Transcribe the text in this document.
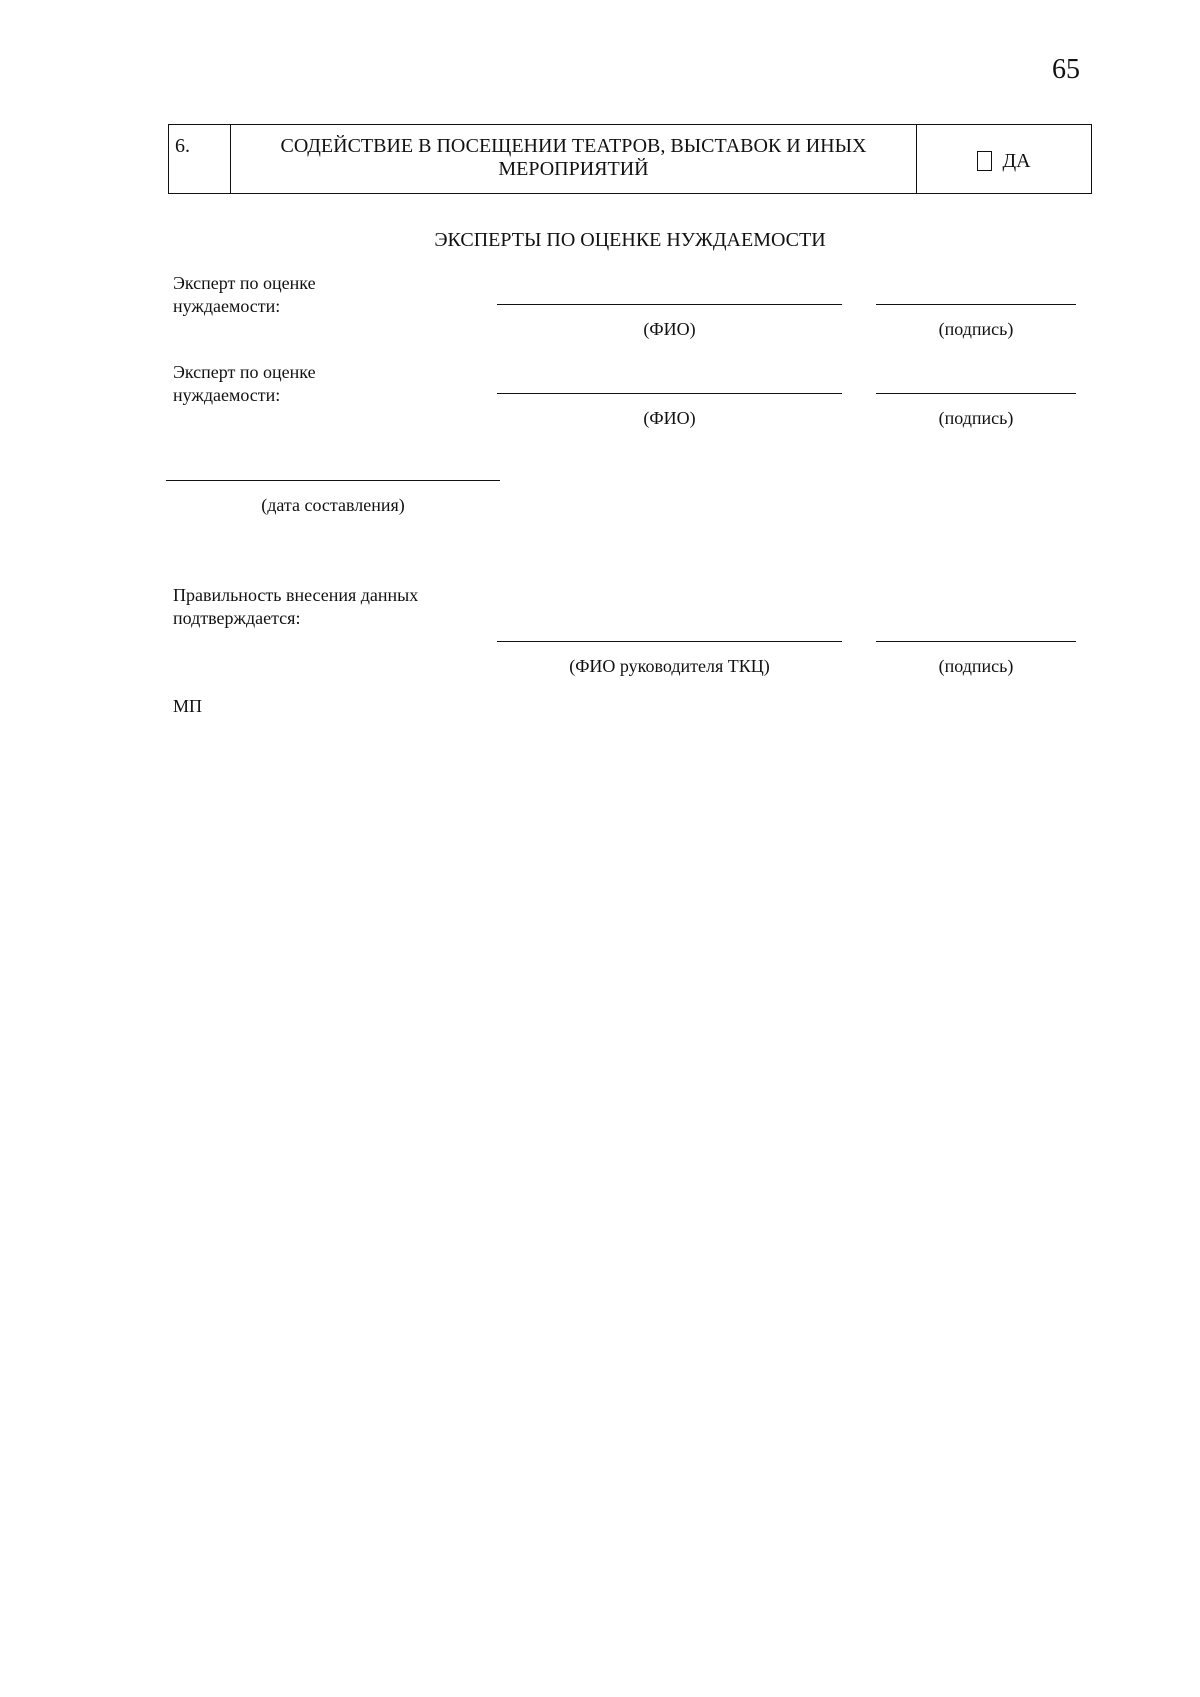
65
6.	СОДЕЙСТВИЕ В ПОСЕЩЕНИИ ТЕАТРОВ, ВЫСТАВОК И ИНЫХ
МЕРОПРИЯТИЙ	ДА
ЭКСПЕРТЫ ПО ОЦЕНКЕ НУЖДАЕМОСТИ
Эксперт по оценке
нуждаемости:
(ФИО)	(подпись)
Эксперт по оценке
нуждаемости:
(ФИО)	(подпись)
(дата составления)
Правильность внесения данных
подтверждается:
(ФИО руководителя ТКЦ)	(подпись)
МП
